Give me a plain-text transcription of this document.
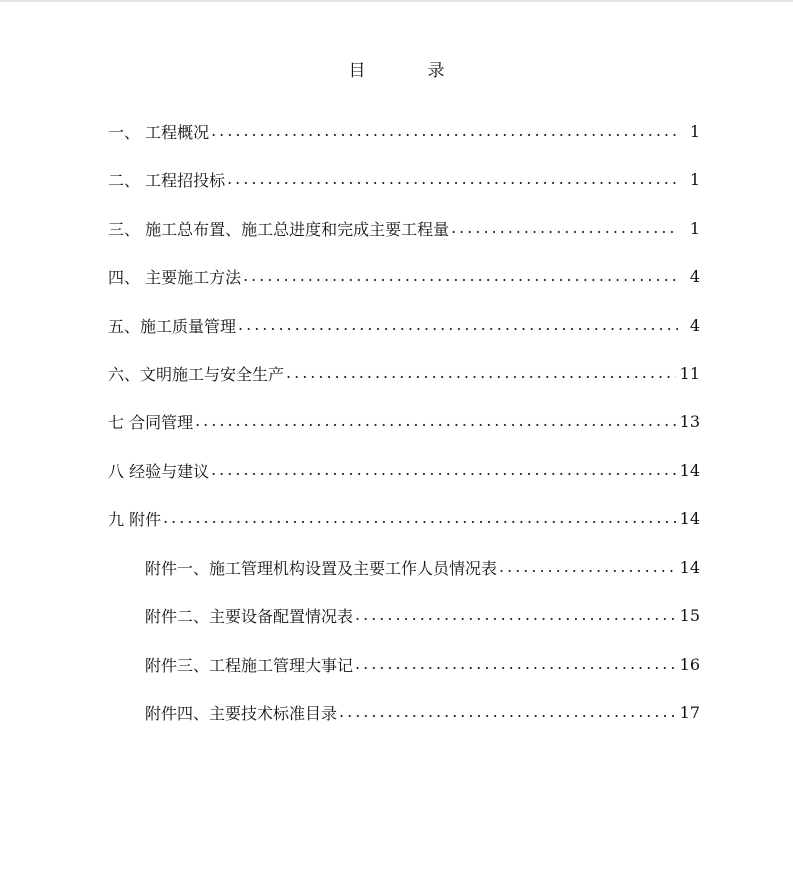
目	录
一、 工程概况 .....	1
二、 工程招投标 .....	1
三、 施工总布置、施工总进度和完成主要工程量 .....	1
四、 主要施工方法 .....	4
五、施工质量管理 .....	4
六、文明施工与安全生产 .....	11
七 合同管理 .....	13
八 经验与建议 .....	14
九 附件 .....	14
附件一、施工管理机构设置及主要工作人员情况表 .....	14
附件二、主要设备配置情况表 .....	15
附件三、工程施工管理大事记 .....	16
附件四、主要技术标准目录 .....	17
